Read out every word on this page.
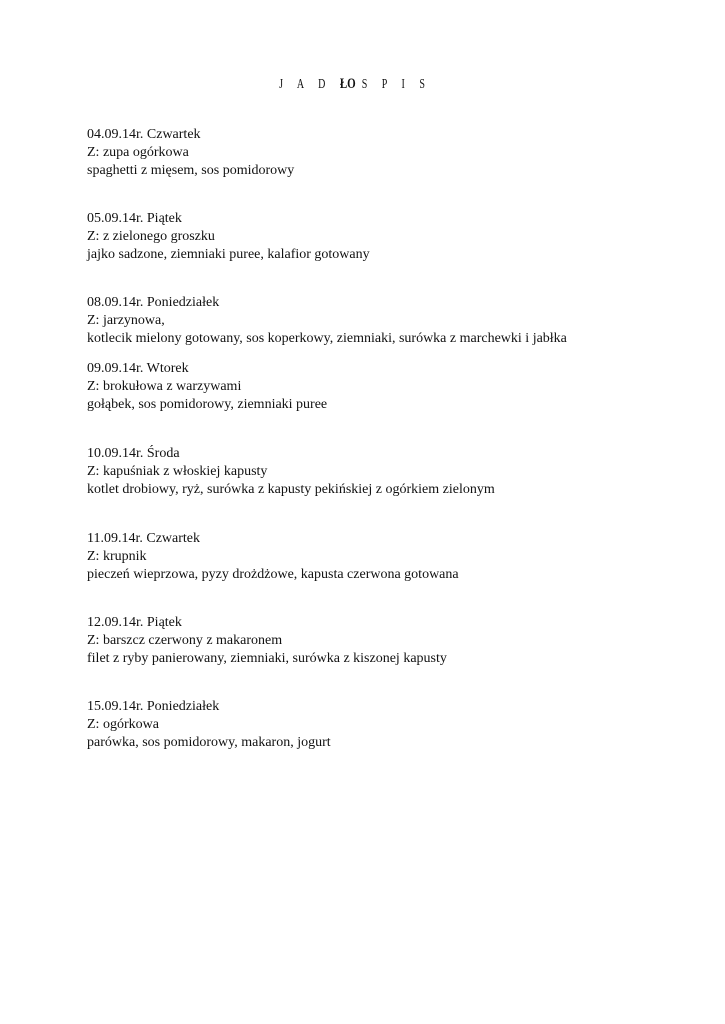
J A D ŁO S P I S
04.09.14r. Czwartek
Z: zupa ogórkowa
spaghetti z mięsem, sos pomidorowy
05.09.14r. Piątek
Z: z zielonego groszku
jajko sadzone, ziemniaki puree, kalafior gotowany
08.09.14r. Poniedziałek
Z: jarzynowa,
kotlecik mielony gotowany, sos koperkowy, ziemniaki, surówka z marchewki i jabłka
09.09.14r. Wtorek
Z: brokułowa z warzywami
gołąbek, sos pomidorowy, ziemniaki puree
10.09.14r. Środa
Z: kapuśniak z włoskiej kapusty
kotlet drobiowy, ryż, surówka z kapusty pekińskiej z ogórkiem zielonym
11.09.14r. Czwartek
Z: krupnik
pieczeń wieprzowa, pyzy drożdżowe, kapusta czerwona gotowana
12.09.14r. Piątek
Z: barszcz czerwony z makaronem
filet z ryby panierowany, ziemniaki, surówka z kiszonej kapusty
15.09.14r. Poniedziałek
Z: ogórkowa
parówka, sos pomidorowy, makaron, jogurt
